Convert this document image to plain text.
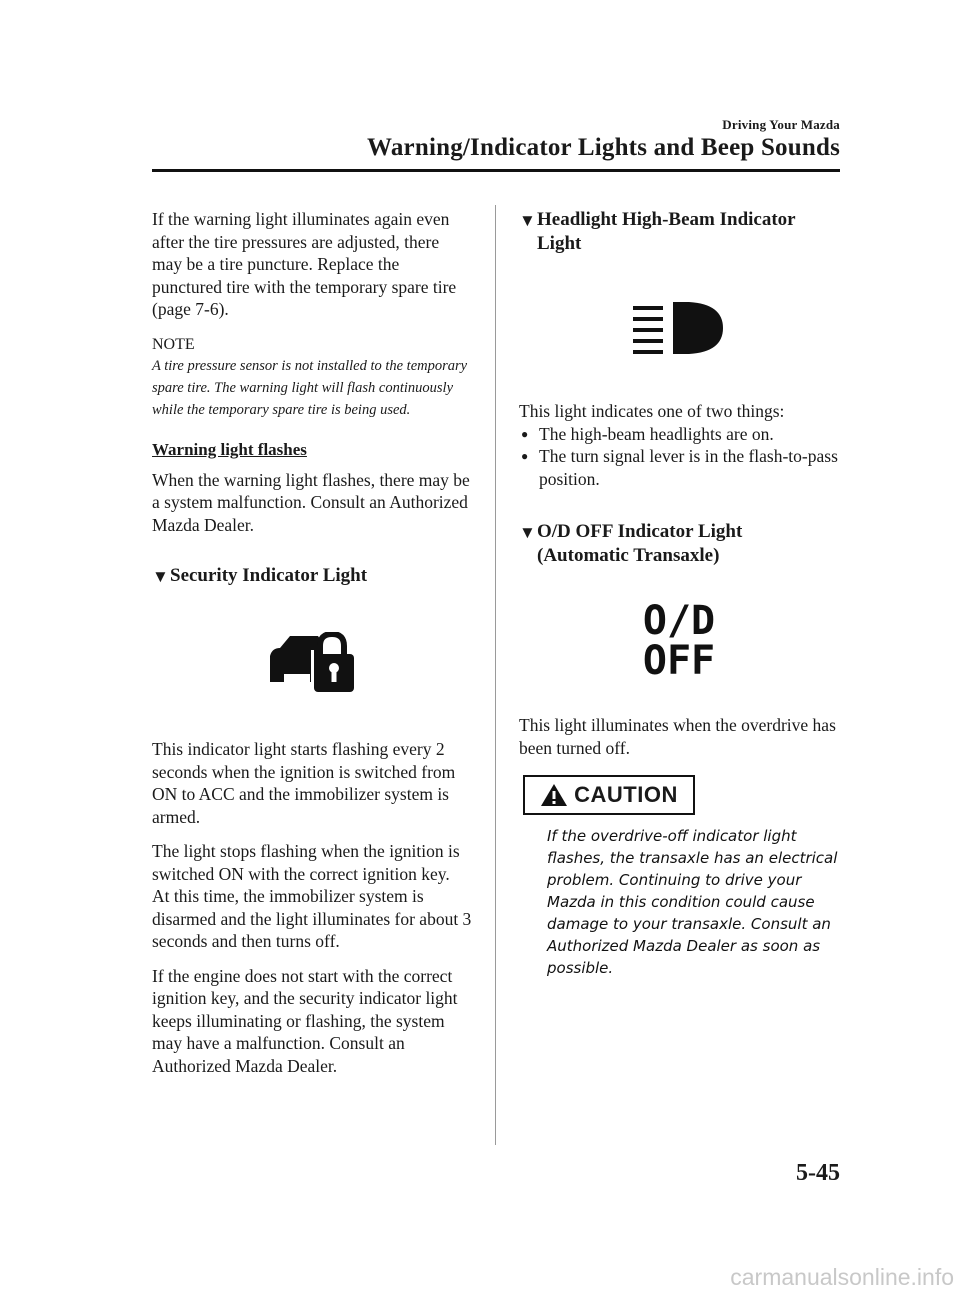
Driving Your Mazda
Warning/Indicator Lights and Beep Sounds

If the warning light illuminates again even after the tire pressures are adjusted, there may be a tire puncture. Replace the punctured tire with the temporary spare tire (page 7-6).

NOTE
A tire pressure sensor is not installed to the temporary spare tire. The warning light will flash continuously while the temporary spare tire is being used.
Warning light flashes

When the warning light flashes, there may be a system malfunction. Consult an Authorized Mazda Dealer.

▼ Security Indicator Light

This indicator light starts flashing every 2 seconds when the ignition is switched from ON to ACC and the immobilizer system is armed.

The light stops flashing when the ignition is switched ON with the correct ignition key.

At this time, the immobilizer system is disarmed and the light illuminates for about 3 seconds and then turns off.

If the engine does not start with the correct ignition key, and the security indicator light keeps illuminating or flashing, the system may have a malfunction. Consult an Authorized Mazda Dealer.

▼ Headlight High-Beam Indicator Light

This light indicates one of two things:

● The high-beam headlights are on.
● The turn signal lever is in the flash-to-pass position.
▼ O/D OFF Indicator Light
(Automatic Transaxle)
O/D
OFF

This light illuminates when the overdrive has been turned off.

CAUTION
If the overdrive-off indicator light flashes, the transaxle has an electrical problem. Continuing to drive your Mazda in this condition could cause damage to your transaxle. Consult an Authorized Mazda Dealer as soon as possible.
5-45
carmanualsonline.info
